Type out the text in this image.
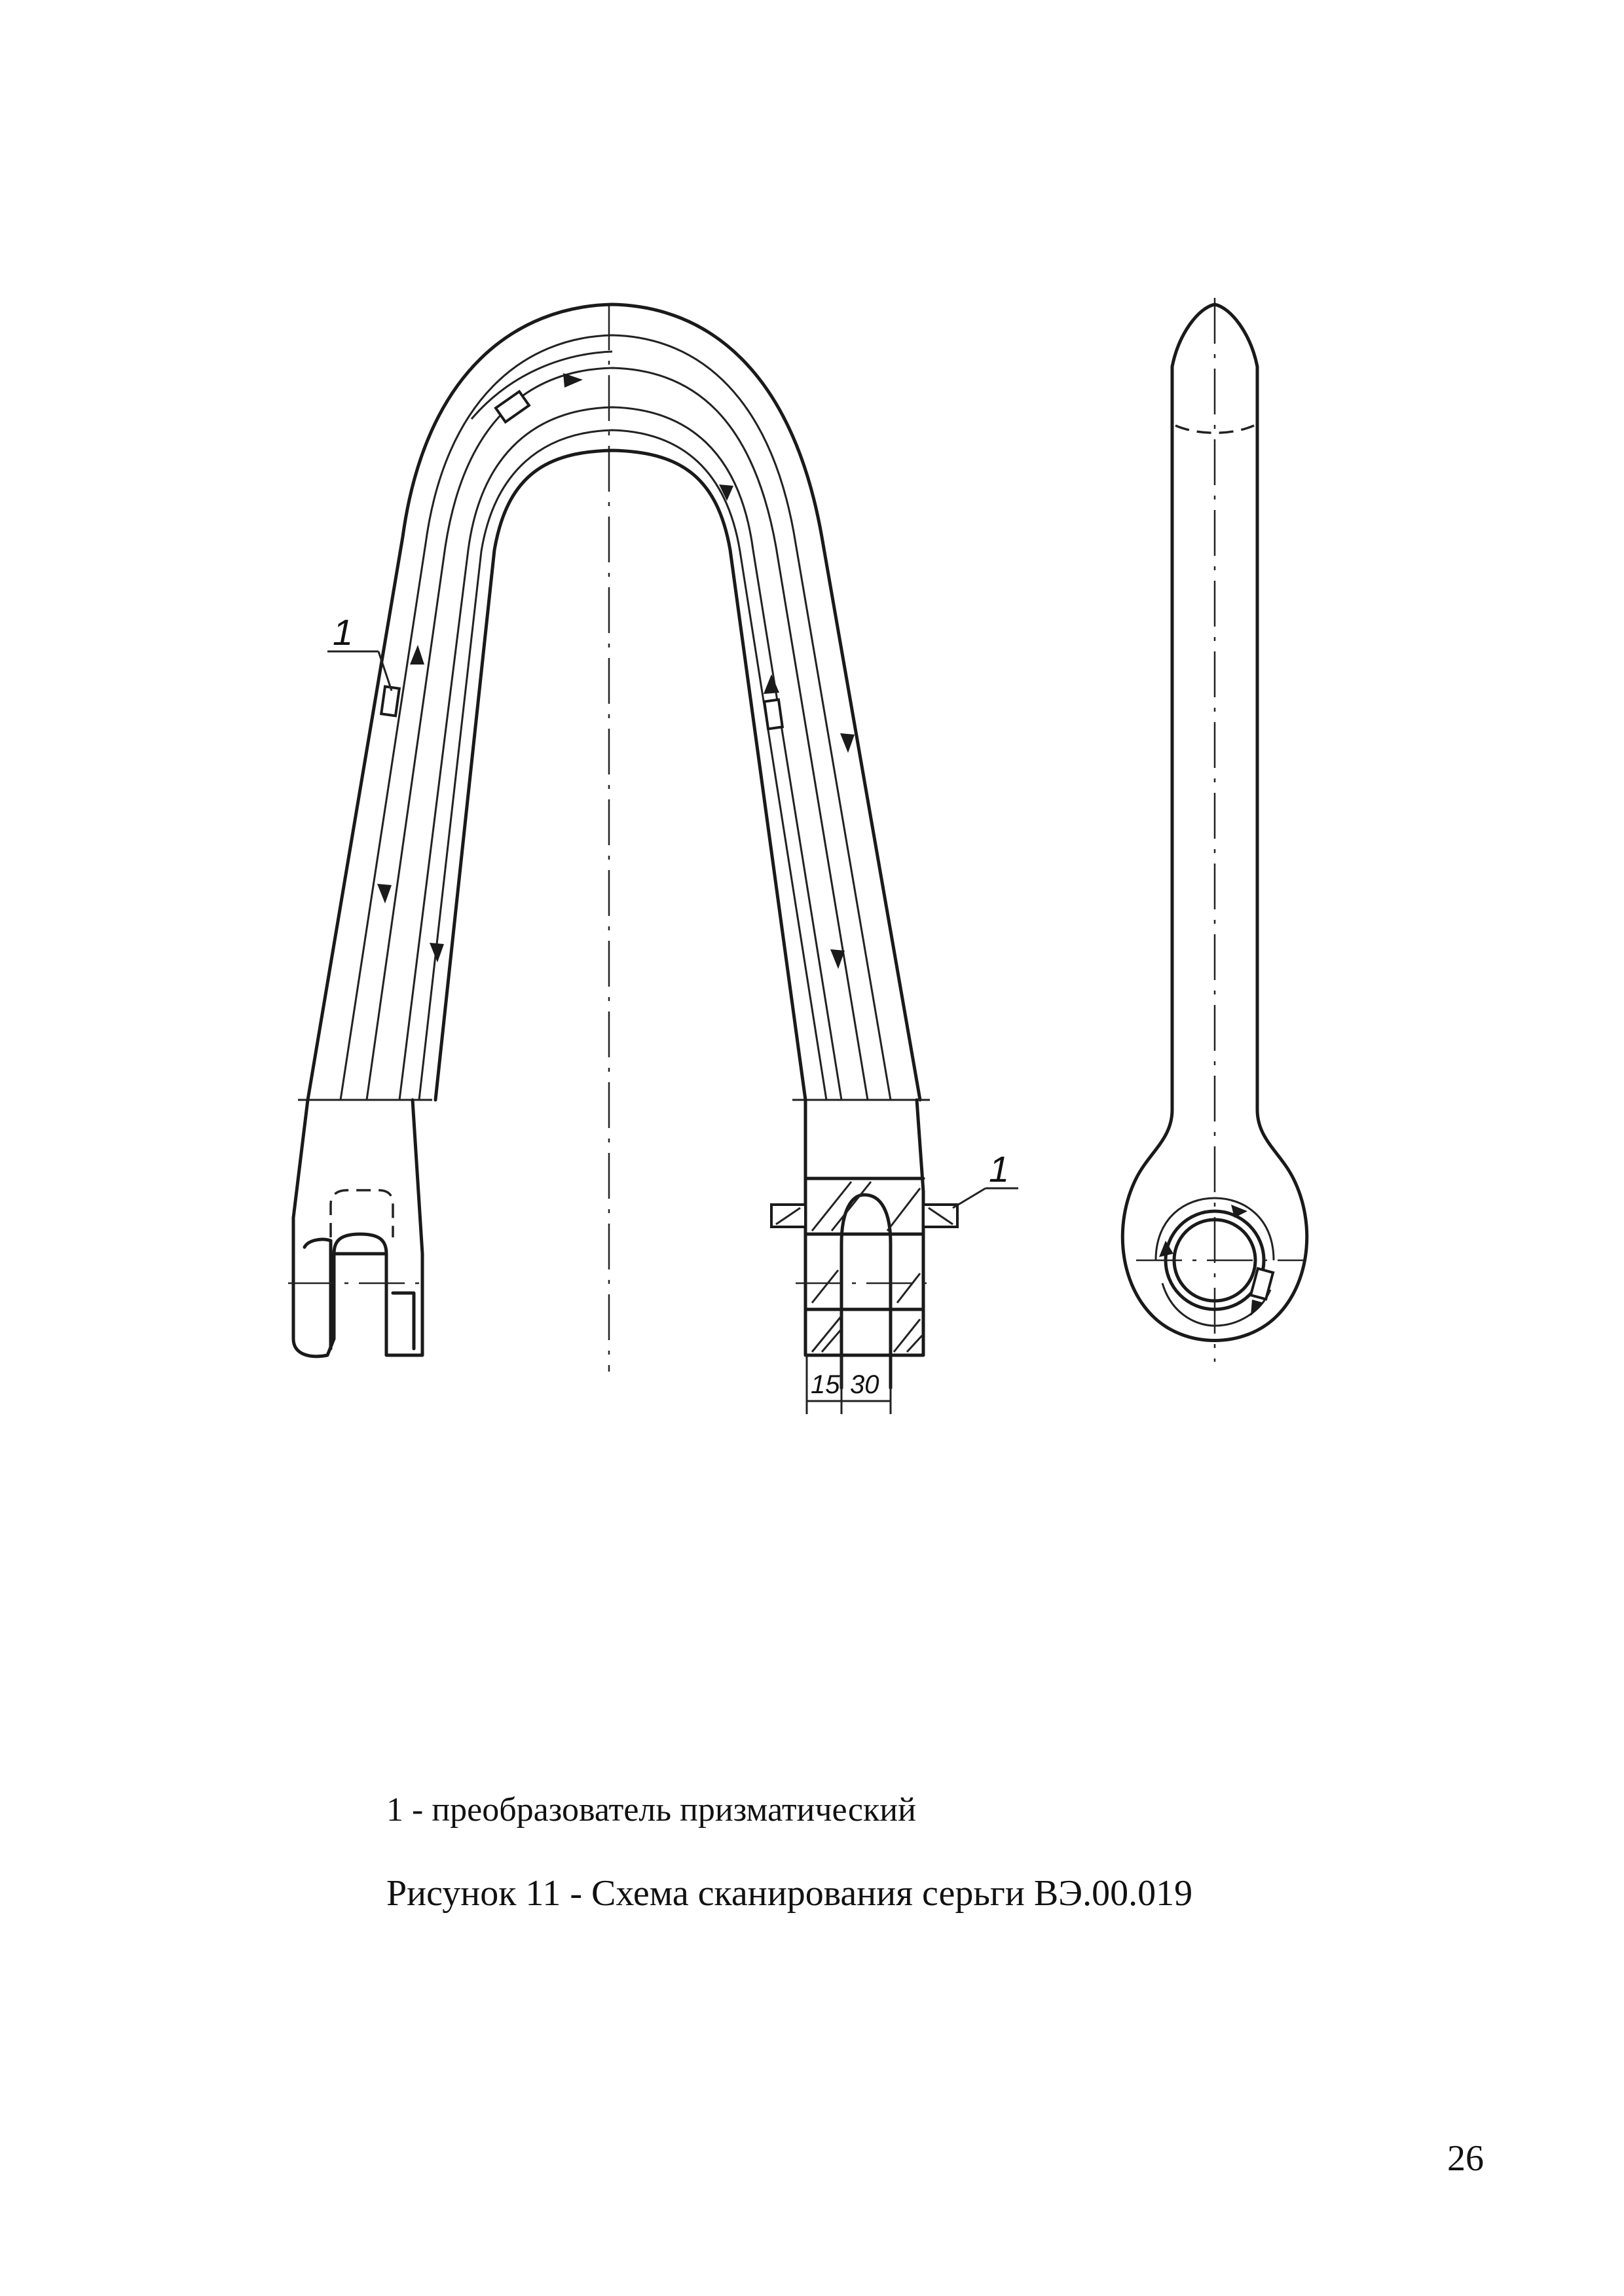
1
1
15 30
1 - преобразователь призматический
Рисунок 11 - Схема сканирования серьги ВЭ.00.019
26
